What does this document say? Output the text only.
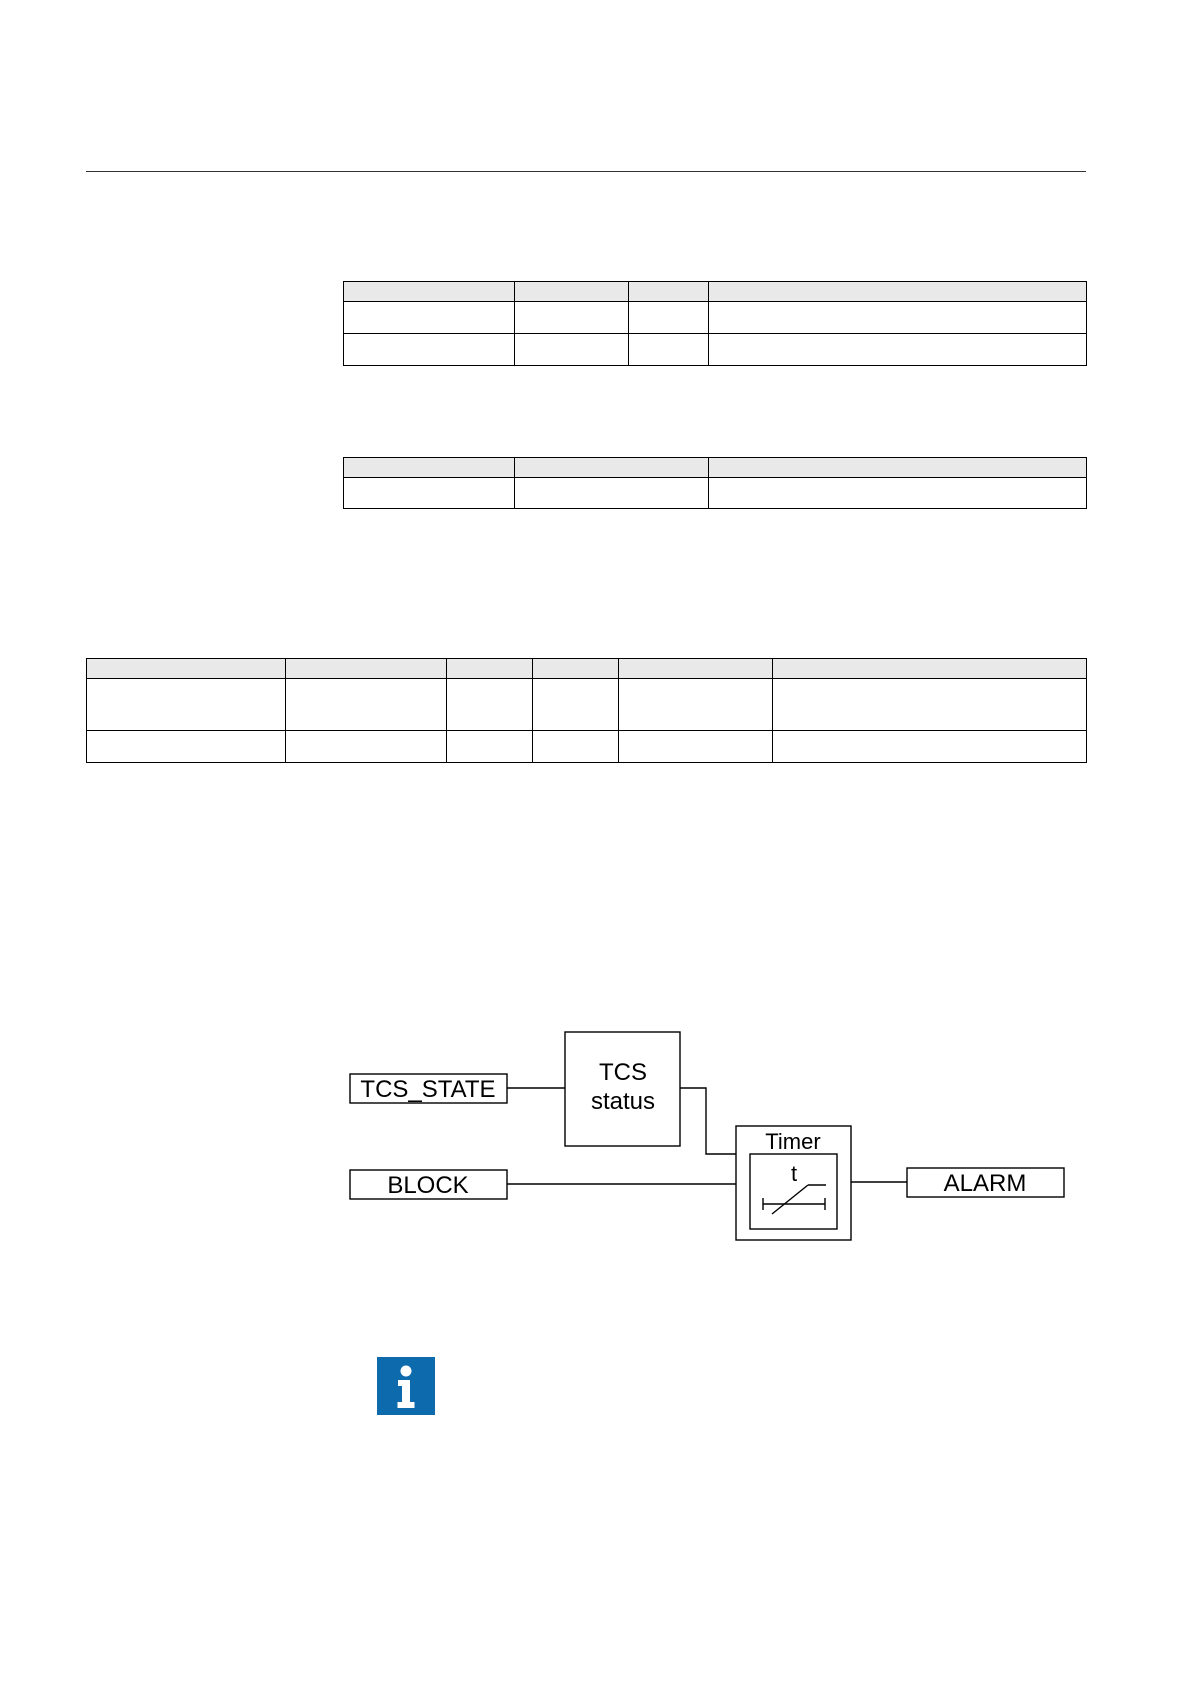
TCS_STATE
BLOCK
TCS
status
Timer
t	ALARM
